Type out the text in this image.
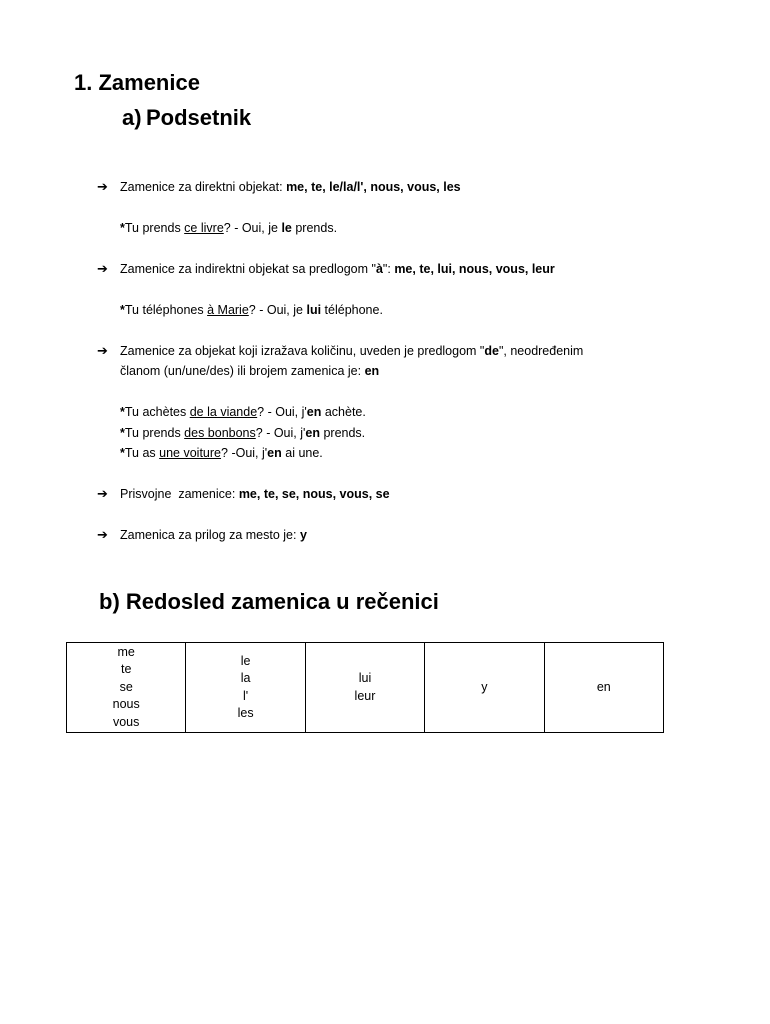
1. Zamenice
a) Podsetnik
➔ Zamenice za direktni objekat: me, te, le/la/l', nous, vous, les
*Tu prends ce livre? - Oui, je le prends.
➔ Zamenice za indirektni objekat sa predlogom "à": me, te, lui, nous, vous, leur
*Tu téléphones à Marie? - Oui, je lui téléphone.
➔ Zamenice za objekat koji izražava količinu, uveden je predlogom "de", neodređenim
članom (un/une/des) ili brojem zamenica je: en
*Tu achètes de la viande? - Oui, j'en achète.
*Tu prends des bonbons? - Oui, j'en prends.
*Tu as une voiture? -Oui, j'en ai une.
➔ Prisvojne  zamenice: me, te, se, nous, vous, se
➔ Zamenica za prilog za mesto je: y
b) Redosled zamenica u rečenici
me
te
se
nous
vous

le
la
l'
les

lui
leur

y	en
